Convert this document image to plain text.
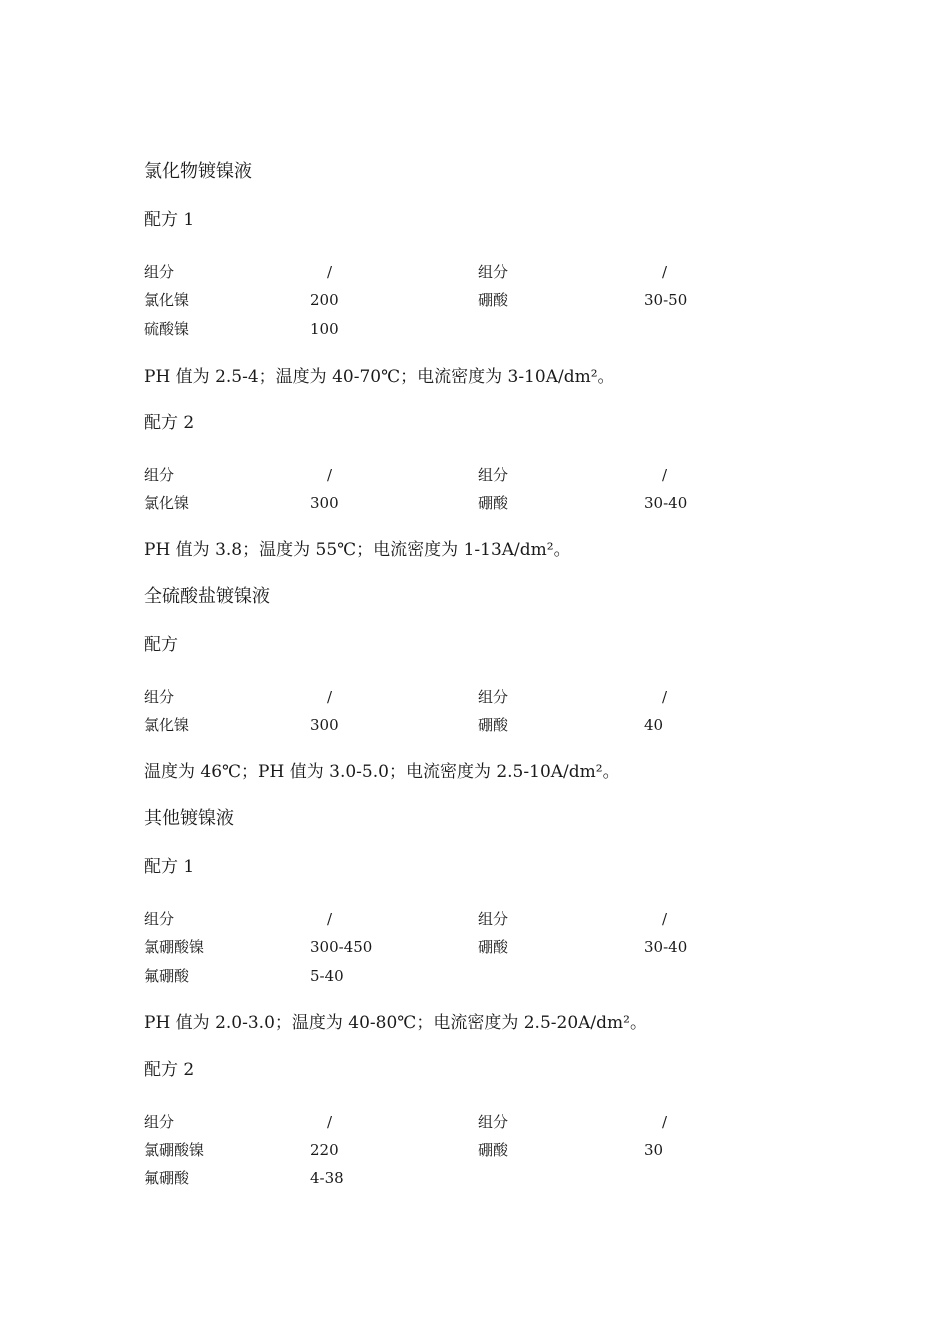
氯化物镀镍液
配方 1
组分	/	组分	/
氯化镍	200	硼酸	30-50
硫酸镍	100
PH 值为 2.5-4；温度为 40-70℃；电流密度为 3-10A/dm²。
配方 2
组分	/	组分	/
氯化镍	300	硼酸	30-40
PH 值为 3.8；温度为 55℃；电流密度为 1-13A/dm²。
全硫酸盐镀镍液
配方
组分	/	组分	/
氯化镍	300	硼酸	40
温度为 46℃；PH 值为 3.0-5.0；电流密度为 2.5-10A/dm²。
其他镀镍液
配方 1
组分	/	组分	/
氯硼酸镍	300-450	硼酸	30-40
氟硼酸	5-40
PH 值为 2.0-3.0；温度为 40-80℃；电流密度为 2.5-20A/dm²。
配方 2
组分	/	组分	/
氯硼酸镍	220	硼酸	30
氟硼酸	4-38
